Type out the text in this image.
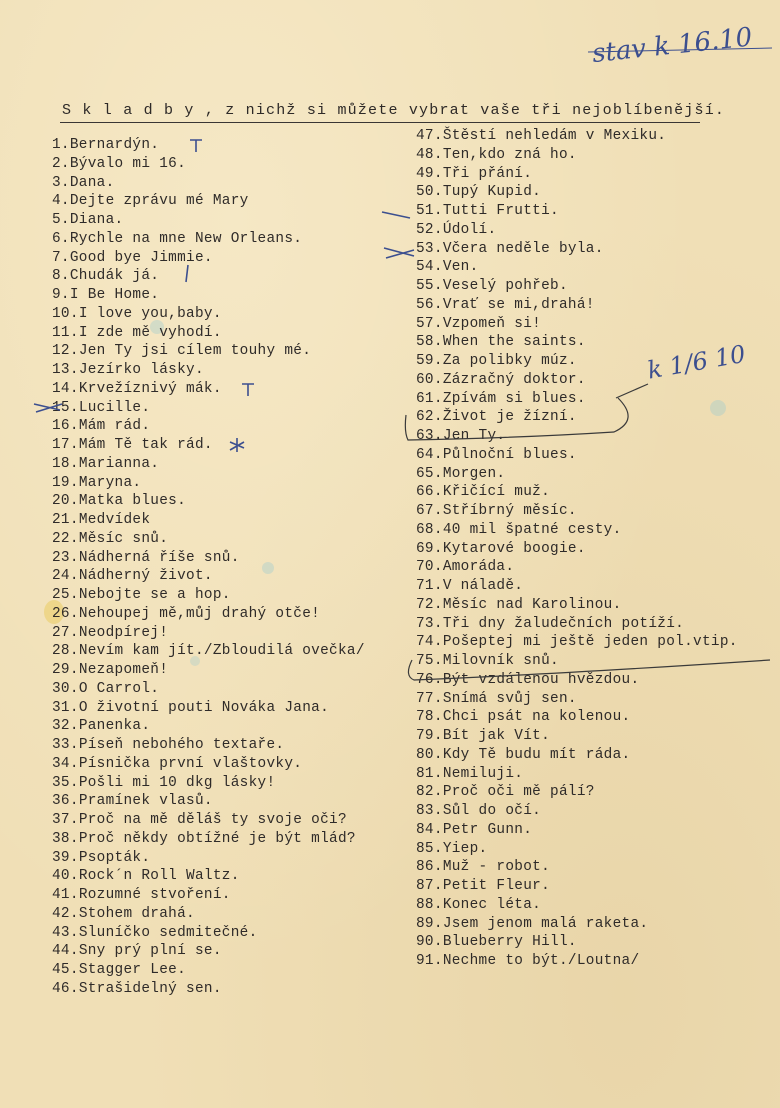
stav k 16.10
S k l a d b y , z nichž si můžete vybrat vaše tři nejoblíbenější.
1.Bernardýn.
2.Bývalo mi 16.
3.Dana.
4.Dejte zprávu mé Mary
5.Diana.
6.Rychle na mne New Orleans.
7.Good bye Jimmie.
8.Chudák já.
9.I Be Home.
10.I love you,baby.
11.I zde mě vyhodí.
12.Jen Ty jsi cílem touhy mé.
13.Jezírko lásky.
14.Krvežíznivý mák.
15.Lucille.
16.Mám rád.
17.Mám Tě tak rád.
18.Marianna.
19.Maryna.
20.Matka blues.
21.Medvídek
22.Měsíc snů.
23.Nádherná říše snů.
24.Nádherný život.
25.Nebojte se a hop.
26.Nehoupej mě,můj drahý otče!
27.Neodpírej!
28.Nevím kam jít./Zbloudilá ovečka/
29.Nezapomeň!
30.O Carrol.
31.O životní pouti Nováka Jana.
32.Panenka.
33.Píseň nebohého textaře.
34.Písnička první vlaštovky.
35.Pošli mi 10 dkg lásky!
36.Pramínek vlasů.
37.Proč na mě děláš ty svoje oči?
38.Proč někdy obtížné je být mlád?
39.Psopták.
40.Rock´n Roll Waltz.
41.Rozumné stvoření.
42.Stohem drahá.
43.Sluníčko sedmitečné.
44.Sny prý plní se.
45.Stagger Lee.
46.Strašidelný sen.
47.Štěstí nehledám v Mexiku.
48.Ten,kdo zná ho.
49.Tři přání.
50.Tupý Kupid.
51.Tutti Frutti.
52.Údolí.
53.Včera neděle byla.
54.Ven.
55.Veselý pohřeb.
56.Vrať se mi,drahá!
57.Vzpomeň si!
58.When the saints.
59.Za polibky múz.
60.Zázračný doktor.
61.Zpívám si blues.
62.Život je žízní.
63.Jen Ty.
64.Půlnoční blues.
65.Morgen.
66.Křičící muž.
67.Stříbrný měsíc.
68.40 mil špatné cesty.
69.Kytarové boogie.
70.Amoráda.
71.V náladě.
72.Měsíc nad Karolinou.
73.Tři dny žaludečních potíží.
74.Pošeptej mi ještě jeden pol.vtip.
75.Milovník snů.
76.Být vzdálenou hvězdou.
77.Snímá svůj sen.
78.Chci psát na kolenou.
79.Bít jak Vít.
80.Kdy Tě budu mít ráda.
81.Nemiluji.
82.Proč oči mě pálí?
83.Sůl do očí.
84.Petr Gunn.
85.Yiep.
86.Muž - robot.
87.Petit Fleur.
88.Konec léta.
89.Jsem jenom malá raketa.
90.Blueberry Hill.
91.Nechme to být./Loutna/
k 1/6 10
